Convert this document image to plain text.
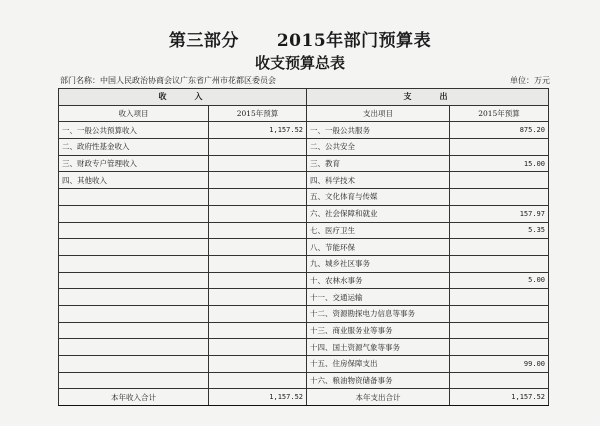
第三部分 2015年部门预算表
收支预算总表
部门名称：中国人民政治协商会议广东省广州市花都区委员会	单位：万元
收　　入		支　　出	
收入项目	2015年预算	支出项目	2015年预算
一、一般公共预算收入	1,157.52	一、一般公共服务	875.20
二、政府性基金收入		二、公共安全	
三、财政专户管理收入		三、教育	15.00
四、其他收入		四、科学技术	
		五、文化体育与传媒	
		六、社会保障和就业	157.97
		七、医疗卫生	5.35
		八、节能环保	
		九、城乡社区事务	
		十、农林水事务	5.00
		十一、交通运输	
		十二、资源勘探电力信息等事务	
		十三、商业服务业等事务	
		十四、国土资源气象等事务	
		十五、住房保障支出	99.00
		十六、粮油物资储备事务	
本年收入合计	1,157.52	本年支出合计	1,157.52
